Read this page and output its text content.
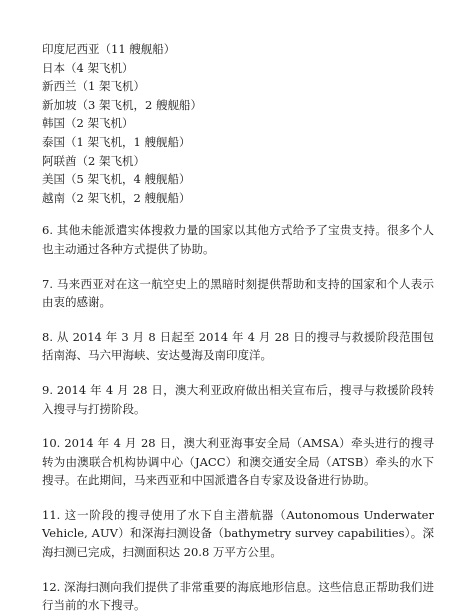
印度尼西亚（11 艘舰船）
日本（4 架飞机）
新西兰（1 架飞机）
新加坡（3 架飞机，2 艘舰船）
韩国（2 架飞机）
泰国（1 架飞机，1 艘舰船）
阿联酋（2 架飞机）
美国（5 架飞机，4 艘舰船）
越南（2 架飞机，2 艘舰船）

6. 其他未能派遣实体搜救力量的国家以其他方式给予了宝贵支持。很多个人也主动通过各种方式提供了协助。

7. 马来西亚对在这一航空史上的黑暗时刻提供帮助和支持的国家和个人表示由衷的感谢。

8. 从 2014 年 3 月 8 日起至 2014 年 4 月 28 日的搜寻与救援阶段范围包括南海、马六甲海峡、安达曼海及南印度洋。

9. 2014 年 4 月 28 日，澳大利亚政府做出相关宣布后，搜寻与救援阶段转入搜寻与打捞阶段。

10. 2014 年 4 月 28 日，澳大利亚海事安全局（AMSA）牵头进行的搜寻转为由澳联合机构协调中心（JACC）和澳交通安全局（ATSB）牵头的水下搜寻。在此期间，马来西亚和中国派遣各自专家及设备进行协助。

11. 这一阶段的搜寻使用了水下自主潜航器（Autonomous Underwater Vehicle, AUV）和深海扫测设备（bathymetry survey capabilities）。深海扫测已完成，扫测面积达 20.8 万平方公里。

12. 深海扫测向我们提供了非常重要的海底地形信息。这些信息正帮助我们进行当前的水下搜寻。
